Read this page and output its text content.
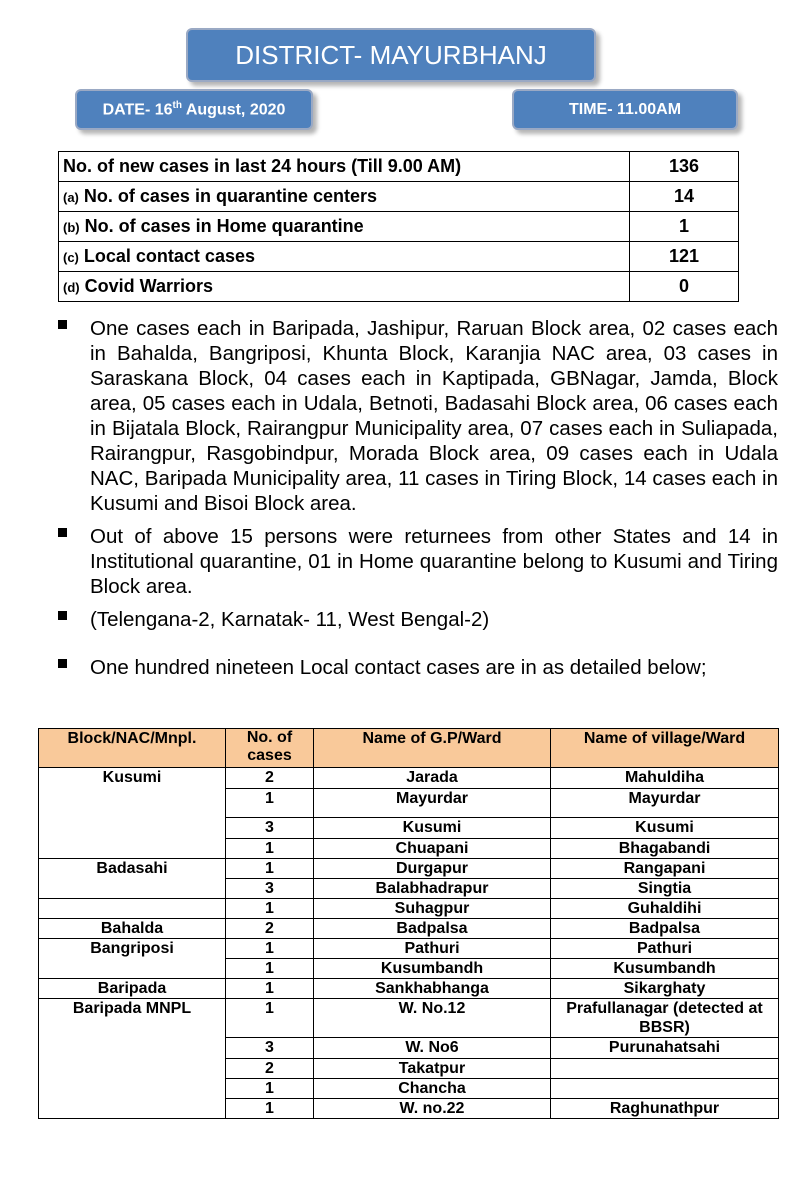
DISTRICT- MAYURBHANJ
DATE- 16th August, 2020	TIME- 11.00AM
No. of new cases in last 24 hours (Till 9.00 AM)	136
(a) No. of cases in quarantine centers	14
(b) No. of cases in Home quarantine	1
(c) Local contact cases	121
(d) Covid Warriors	0
One cases each in Baripada, Jashipur, Raruan Block area, 02 cases each in Bahalda, Bangriposi, Khunta Block, Karanjia NAC area, 03 cases in Saraskana Block, 04 cases each in Kaptipada, GBNagar, Jamda, Block area, 05 cases each in Udala, Betnoti, Badasahi Block area, 06 cases each in Bijatala Block, Rairangpur Municipality area, 07 cases each in Suliapada, Rairangpur, Rasgobindpur, Morada Block area, 09 cases each in Udala NAC, Baripada Municipality area, 11 cases in Tiring Block, 14 cases each in Kusumi and Bisoi Block area.
Out of above 15 persons were returnees from other States and 14 in Institutional quarantine, 01 in Home quarantine belong to Kusumi and Tiring Block area.
(Telengana-2, Karnatak- 11, West Bengal-2)
One hundred nineteen Local contact cases are in as detailed below;
Block/NAC/Mnpl.	No. of cases	Name of G.P/Ward	Name of village/Ward
Kusumi	2	Jarada	Mahuldiha
	1	Mayurdar	Mayurdar
	3	Kusumi	Kusumi
	1	Chuapani	Bhagabandi
Badasahi	1	Durgapur	Rangapani
	3	Balabhadrapur	Singtia
	1	Suhagpur	Guhaldihi
Bahalda	2	Badpalsa	Badpalsa
Bangriposi	1	Pathuri	Pathuri
	1	Kusumbandh	Kusumbandh
Baripada	1	Sankhabhanga	Sikarghaty
Baripada MNPL	1	W. No.12	Prafullanagar (detected at BBSR)
	3	W. No6	Purunahatsahi
	2	Takatpur	
	1	Chancha	
	1	W. no.22	Raghunathpur
